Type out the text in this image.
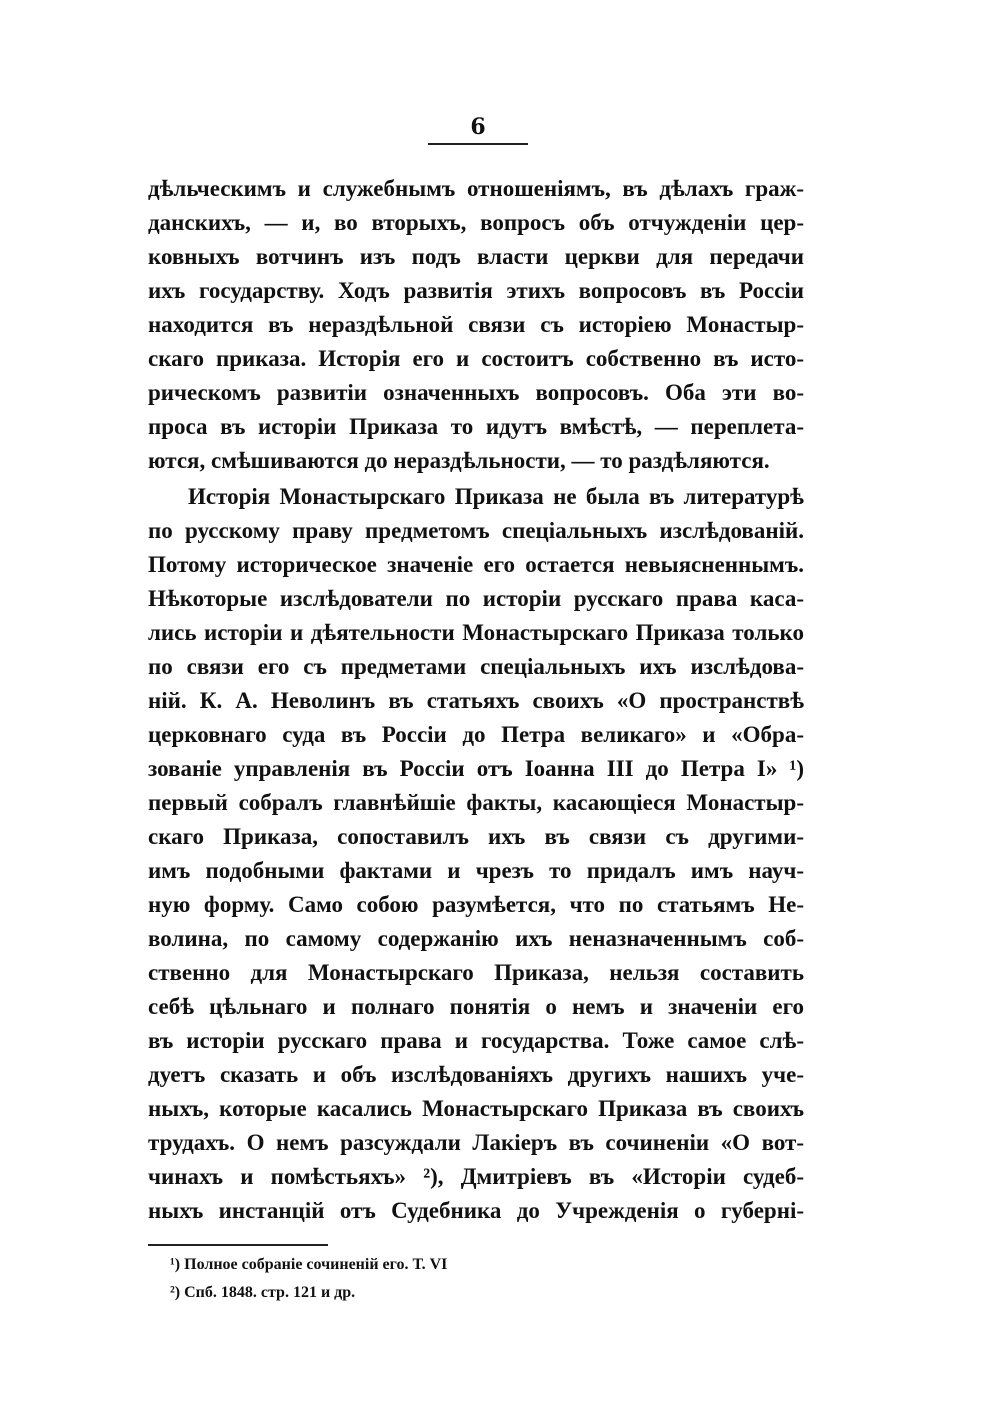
6
дѣльческимъ и служебнымъ отношеніямъ, въ дѣлахъ граж-
данскихъ, — и, во вторыхъ, вопросъ объ отчужденіи цер-
ковныхъ вотчинъ изъ подъ власти церкви для передачи
ихъ государству. Ходъ развитія этихъ вопросовъ въ Россіи
находится въ нераздѣльной связи съ исторіею Монастыр-
скаго приказа. Исторія его и состоитъ собственно въ исто-
рическомъ развитіи означенныхъ вопросовъ. Оба эти во-
проса въ исторіи Приказа то идутъ вмѣстѣ, — переплета-
ются, смѣшиваются до нераздѣльности, — то раздѣляются.
Исторія Монастырскаго Приказа не была въ литературѣ
по русскому праву предметомъ спеціальныхъ изслѣдованій.
Потому историческое значеніе его остается невыясненнымъ.
Нѣкоторые изслѣдователи по исторіи русскаго права каса-
лись исторіи и дѣятельности Монастырскаго Приказа только
по связи его съ предметами спеціальныхъ ихъ изслѣдова-
ній. К. А. Неволинъ въ статьяхъ своихъ «О пространствѣ
церковнаго суда въ Россіи до Петра великаго» и «Обра-
зованіе управленія въ Россіи отъ Іоанна III до Петра I» ¹)
первый собралъ главнѣйшіе факты, касающіеся Монастыр-
скаго Приказа, сопоставилъ ихъ въ связи съ другими-
имъ подобными фактами и чрезъ то придалъ имъ науч-
ную форму. Само собою разумѣется, что по статьямъ Не-
волина, по самому содержанію ихъ неназначеннымъ соб-
ственно для Монастырскаго Приказа, нельзя составить
себѣ цѣльнаго и полнаго понятія о немъ и значеніи его
въ исторіи русскаго права и государства. Тоже самое слѣ-
дуетъ сказать и объ изслѣдованіяхъ другихъ нашихъ уче-
ныхъ, которые касались Монастырскаго Приказа въ своихъ
трудахъ. О немъ разсуждали Лакіеръ въ сочиненіи «О вот-
чинахъ и помѣстьяхъ» ²), Дмитріевъ въ «Исторіи судеб-
ныхъ инстанцій отъ Судебника до Учрежденія о губерні-
¹) Полное собраніе сочиненій его. Т. VI
²) Спб. 1848. стр. 121 и др.
